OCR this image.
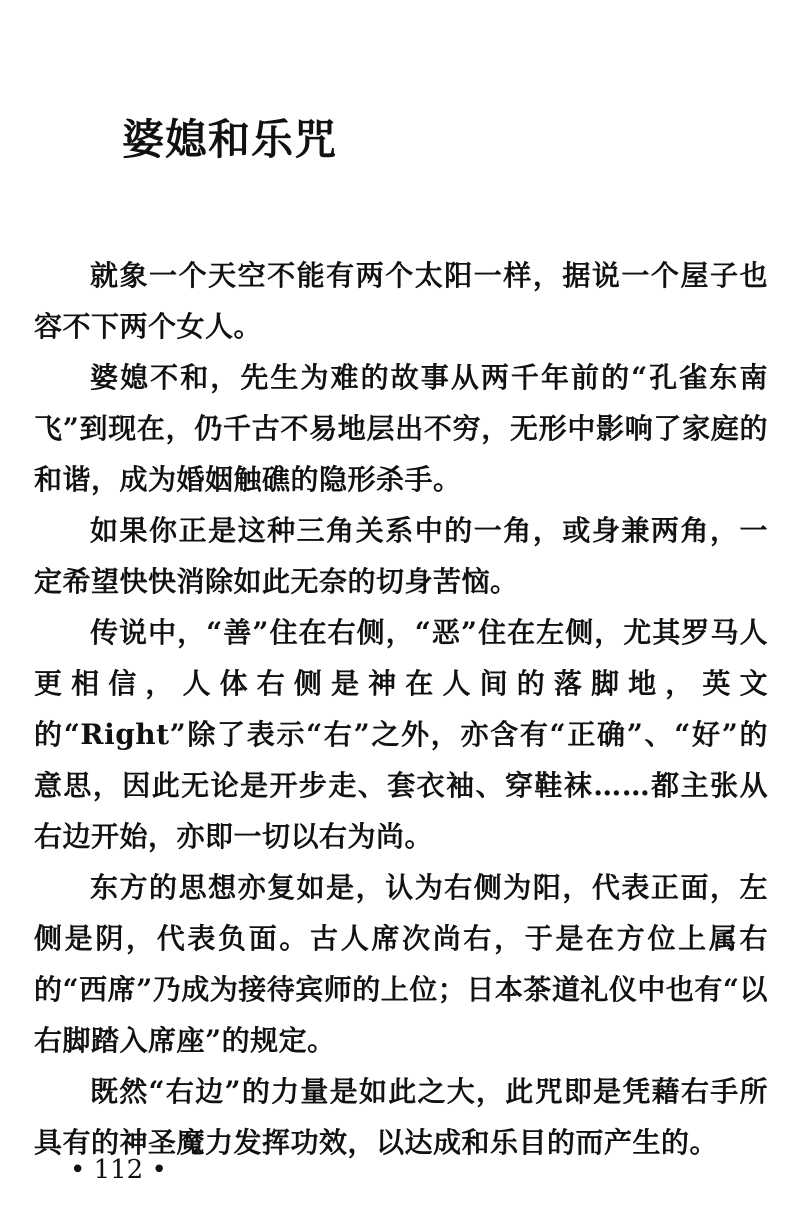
婆媳和乐咒

就象一个天空不能有两个太阳一样，据说一个屋子也容不下两个女人。

婆媳不和，先生为难的故事从两千年前的“孔雀东南飞”到现在，仍千古不易地层出不穷，无形中影响了家庭的和谐，成为婚姻触礁的隐形杀手。

如果你正是这种三角关系中的一角，或身兼两角，一定希望快快消除如此无奈的切身苦恼。

传说中，“善”住在右侧，“恶”住在左侧，尤其罗马人更相信，人体右侧是神在人间的落脚地，英文的“Right”除了表示“右”之外，亦含有“正确”、“好”的意思，因此无论是开步走、套衣袖、穿鞋袜……都主张从右边开始，亦即一切以右为尚。

东方的思想亦复如是，认为右侧为阳，代表正面，左侧是阴，代表负面。古人席次尚右，于是在方位上属右的“西席”乃成为接待宾师的上位；日本茶道礼仪中也有“以右脚踏入席座”的规定。

既然“右边”的力量是如此之大，此咒即是凭藉右手所具有的神圣魔力发挥功效，以达成和乐目的而产生的。

• 112 •
